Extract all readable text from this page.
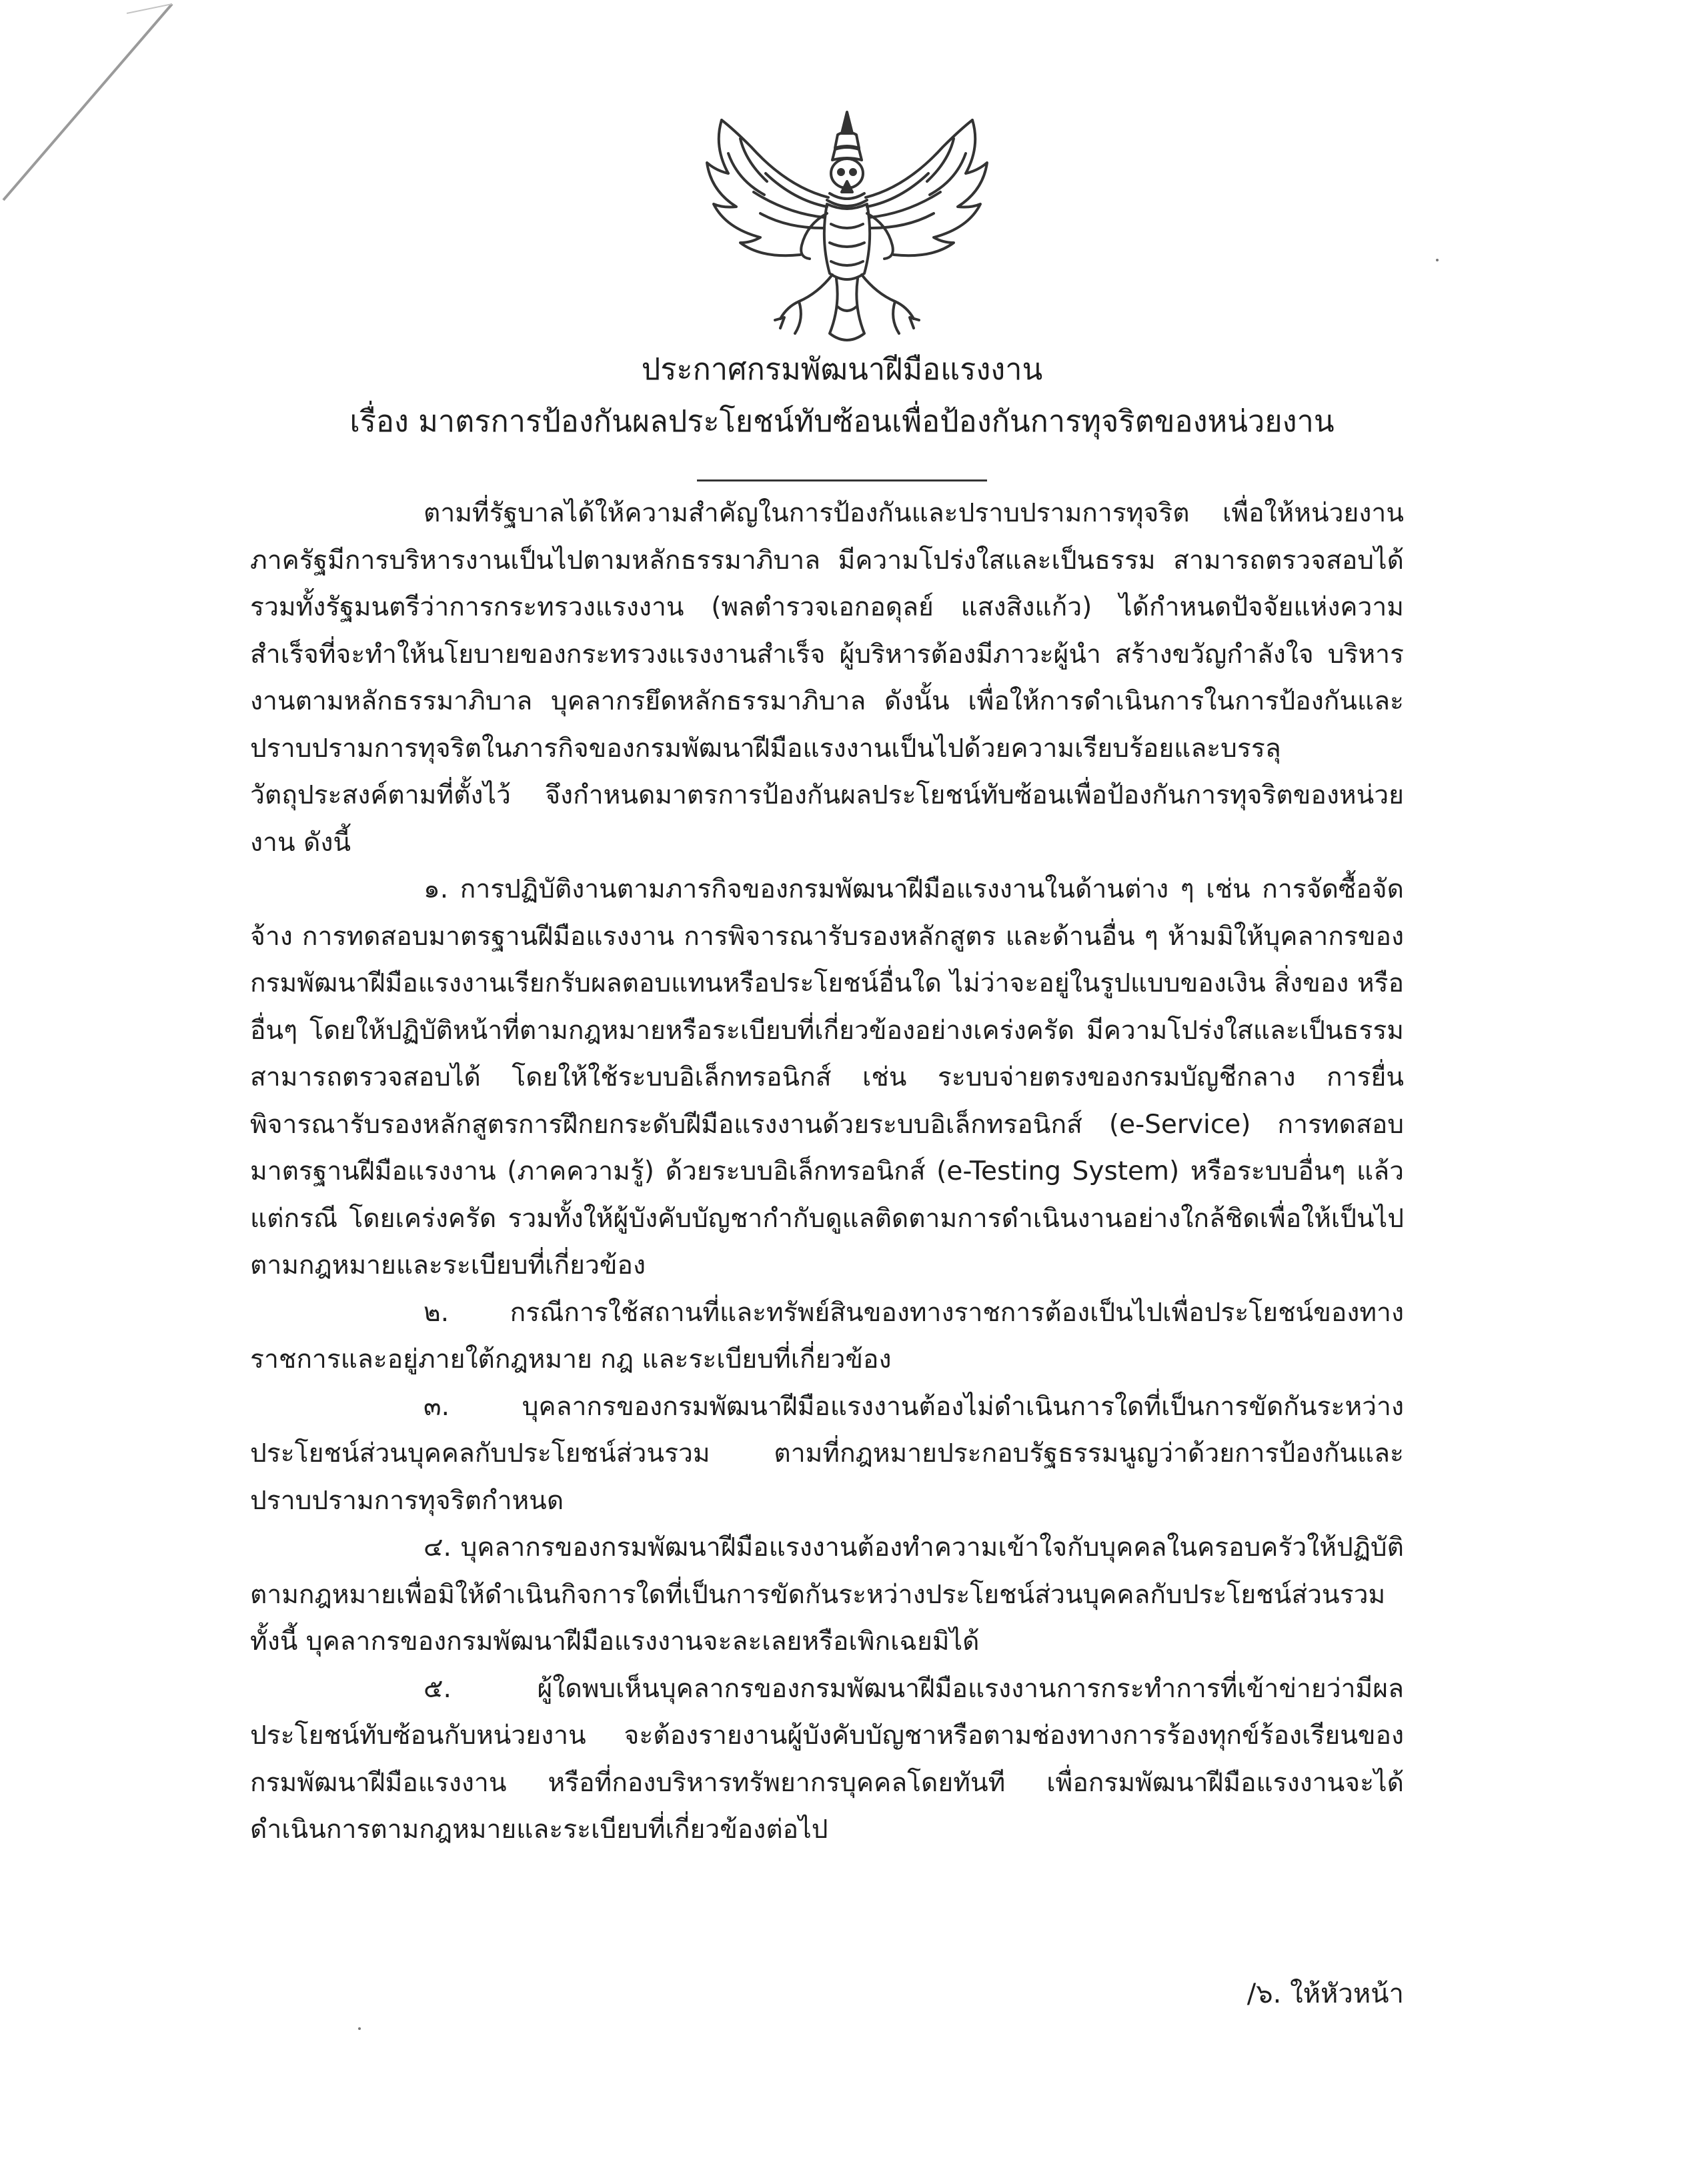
ประกาศกรมพัฒนาฝีมือแรงงาน
เรื่อง มาตรการป้องกันผลประโยชน์ทับซ้อนเพื่อป้องกันการทุจริตของหน่วยงาน

ตามที่รัฐบาลได้ให้ความสำคัญในการป้องกันและปราบปรามการทุจริต เพื่อให้หน่วยงานภาครัฐมีการบริหารงานเป็นไปตามหลักธรรมาภิบาล มีความโปร่งใสและเป็นธรรม สามารถตรวจสอบได้ รวมทั้งรัฐมนตรีว่าการกระทรวงแรงงาน (พลตำรวจเอกอดุลย์ แสงสิงแก้ว) ได้กำหนดปัจจัยแห่งความสำเร็จที่จะทำให้นโยบายของกระทรวงแรงงานสำเร็จ ผู้บริหารต้องมีภาวะผู้นำ สร้างขวัญกำลังใจ บริหารงานตามหลักธรรมาภิบาล บุคลากรยึดหลักธรรมาภิบาล ดังนั้น เพื่อให้การดำเนินการในการป้องกันและปราบปรามการทุจริตในภารกิจของกรมพัฒนาฝีมือแรงงานเป็นไปด้วยความเรียบร้อยและบรรลุวัตถุประสงค์ตามที่ตั้งไว้ จึงกำหนดมาตรการป้องกันผลประโยชน์ทับซ้อนเพื่อป้องกันการทุจริตของหน่วยงาน ดังนี้

๑. การปฏิบัติงานตามภารกิจของกรมพัฒนาฝีมือแรงงานในด้านต่าง ๆ เช่น การจัดซื้อจัดจ้าง การทดสอบมาตรฐานฝีมือแรงงาน การพิจารณารับรองหลักสูตร และด้านอื่น ๆ ห้ามมิให้บุคลากรของกรมพัฒนาฝีมือแรงงานเรียกรับผลตอบแทนหรือประโยชน์อื่นใด ไม่ว่าจะอยู่ในรูปแบบของเงิน สิ่งของ หรืออื่นๆ โดยให้ปฏิบัติหน้าที่ตามกฎหมายหรือระเบียบที่เกี่ยวข้องอย่างเคร่งครัด มีความโปร่งใสและเป็นธรรม สามารถตรวจสอบได้ โดยให้ใช้ระบบอิเล็กทรอนิกส์ เช่น ระบบจ่ายตรงของกรมบัญชีกลาง การยื่นพิจารณารับรองหลักสูตรการฝึกยกระดับฝีมือแรงงานด้วยระบบอิเล็กทรอนิกส์ (e-Service) การทดสอบมาตรฐานฝีมือแรงงาน (ภาคความรู้) ด้วยระบบอิเล็กทรอนิกส์ (e-Testing System) หรือระบบอื่นๆ แล้วแต่กรณี โดยเคร่งครัด รวมทั้งให้ผู้บังคับบัญชากำกับดูแลติดตามการดำเนินงานอย่างใกล้ชิดเพื่อให้เป็นไปตามกฎหมายและระเบียบที่เกี่ยวข้อง

๒. กรณีการใช้สถานที่และทรัพย์สินของทางราชการต้องเป็นไปเพื่อประโยชน์ของทางราชการและอยู่ภายใต้กฎหมาย กฎ และระเบียบที่เกี่ยวข้อง

๓. บุคลากรของกรมพัฒนาฝีมือแรงงานต้องไม่ดำเนินการใดที่เป็นการขัดกันระหว่างประโยชน์ส่วนบุคคลกับประโยชน์ส่วนรวม ตามที่กฎหมายประกอบรัฐธรรมนูญว่าด้วยการป้องกันและปราบปรามการทุจริตกำหนด

๔. บุคลากรของกรมพัฒนาฝีมือแรงงานต้องทำความเข้าใจกับบุคคลในครอบครัวให้ปฏิบัติตามกฎหมายเพื่อมิให้ดำเนินกิจการใดที่เป็นการขัดกันระหว่างประโยชน์ส่วนบุคคลกับประโยชน์ส่วนรวม ทั้งนี้ บุคลากรของกรมพัฒนาฝีมือแรงงานจะละเลยหรือเพิกเฉยมิได้

๕. ผู้ใดพบเห็นบุคลากรของกรมพัฒนาฝีมือแรงงานการกระทำการที่เข้าข่ายว่ามีผลประโยชน์ทับซ้อนกับหน่วยงาน จะต้องรายงานผู้บังคับบัญชาหรือตามช่องทางการร้องทุกข์ร้องเรียนของกรมพัฒนาฝีมือแรงงาน หรือที่กองบริหารทรัพยากรบุคคลโดยทันที เพื่อกรมพัฒนาฝีมือแรงงานจะได้ดำเนินการตามกฎหมายและระเบียบที่เกี่ยวข้องต่อไป

/๖. ให้หัวหน้า
